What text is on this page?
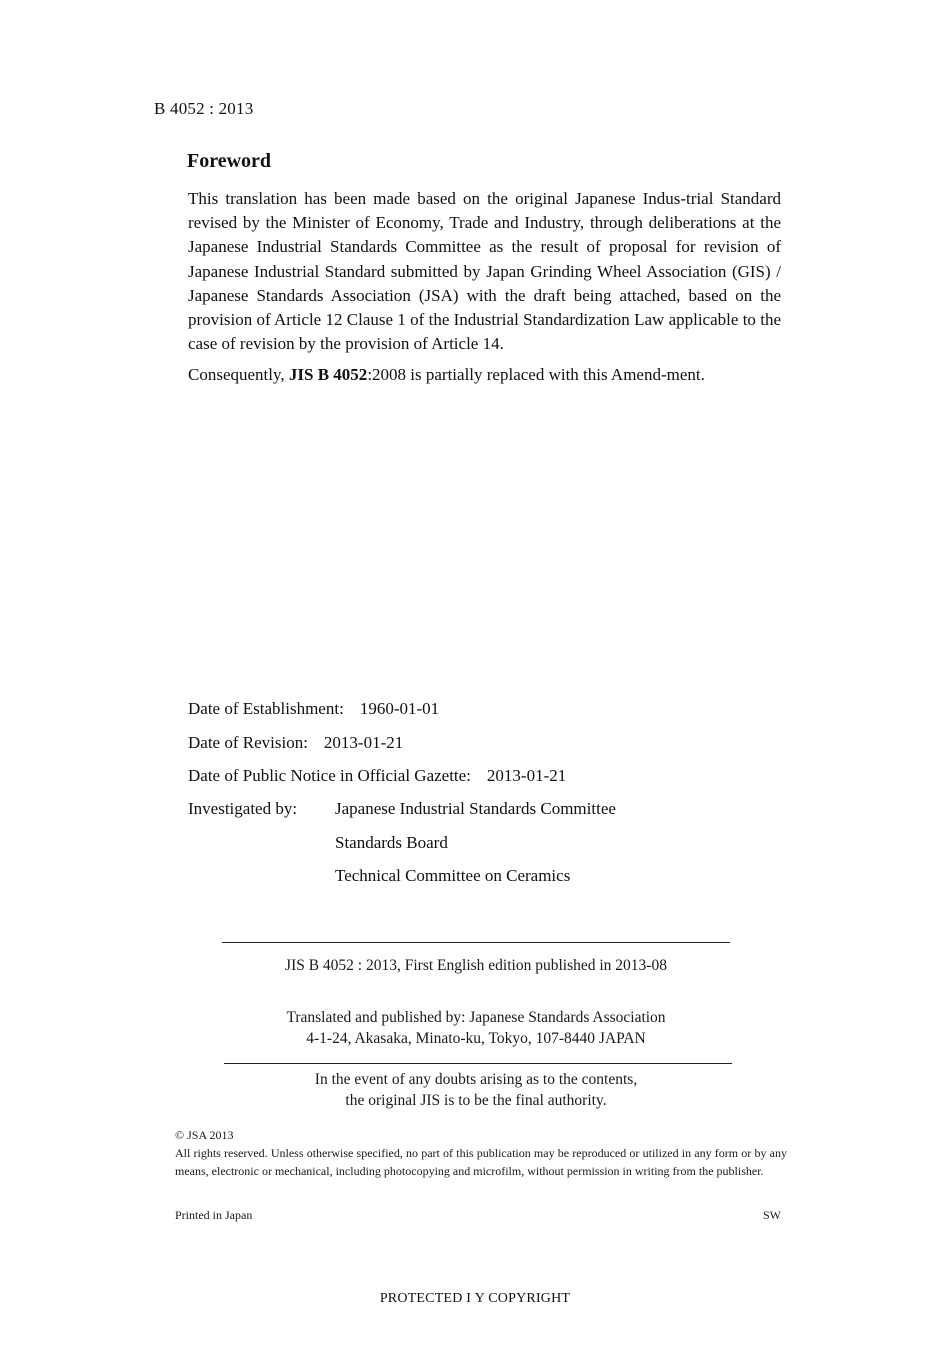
B 4052 : 2013
Foreword

This translation has been made based on the original Japanese Indus-trial Standard revised by the Minister of Economy, Trade and Industry, through deliberations at the Japanese Industrial Standards Committee as the result of proposal for revision of Japanese Industrial Standard submitted by Japan Grinding Wheel Association (GIS) / Japanese Standards Association (JSA) with the draft being attached, based on the provision of Article 12 Clause 1 of the Industrial Standardization Law applicable to the case of revision by the provision of Article 14.

Consequently, JIS B 4052:2008 is partially replaced with this Amend-ment.

Date of Establishment: 1960-01-01
Date of Revision: 2013-01-21
Date of Public Notice in Official Gazette: 2013-01-21
Investigated by: Japanese Industrial Standards Committee
Standards Board
Technical Committee on Ceramics
JIS B 4052 : 2013, First English edition published in 2013-08
Translated and published by: Japanese Standards Association
4-1-24, Akasaka, Minato-ku, Tokyo, 107-8440 JAPAN
In the event of any doubts arising as to the contents,
the original JIS is to be the final authority.
© JSA 2013
All rights reserved. Unless otherwise specified, no part of this publication may be reproduced or utilized in any form or by any means, electronic or mechanical, including photocopying and microfilm, without permission in writing from the publisher.
Printed in Japan	SW
PROTECTED І Y COPYRIGHT
